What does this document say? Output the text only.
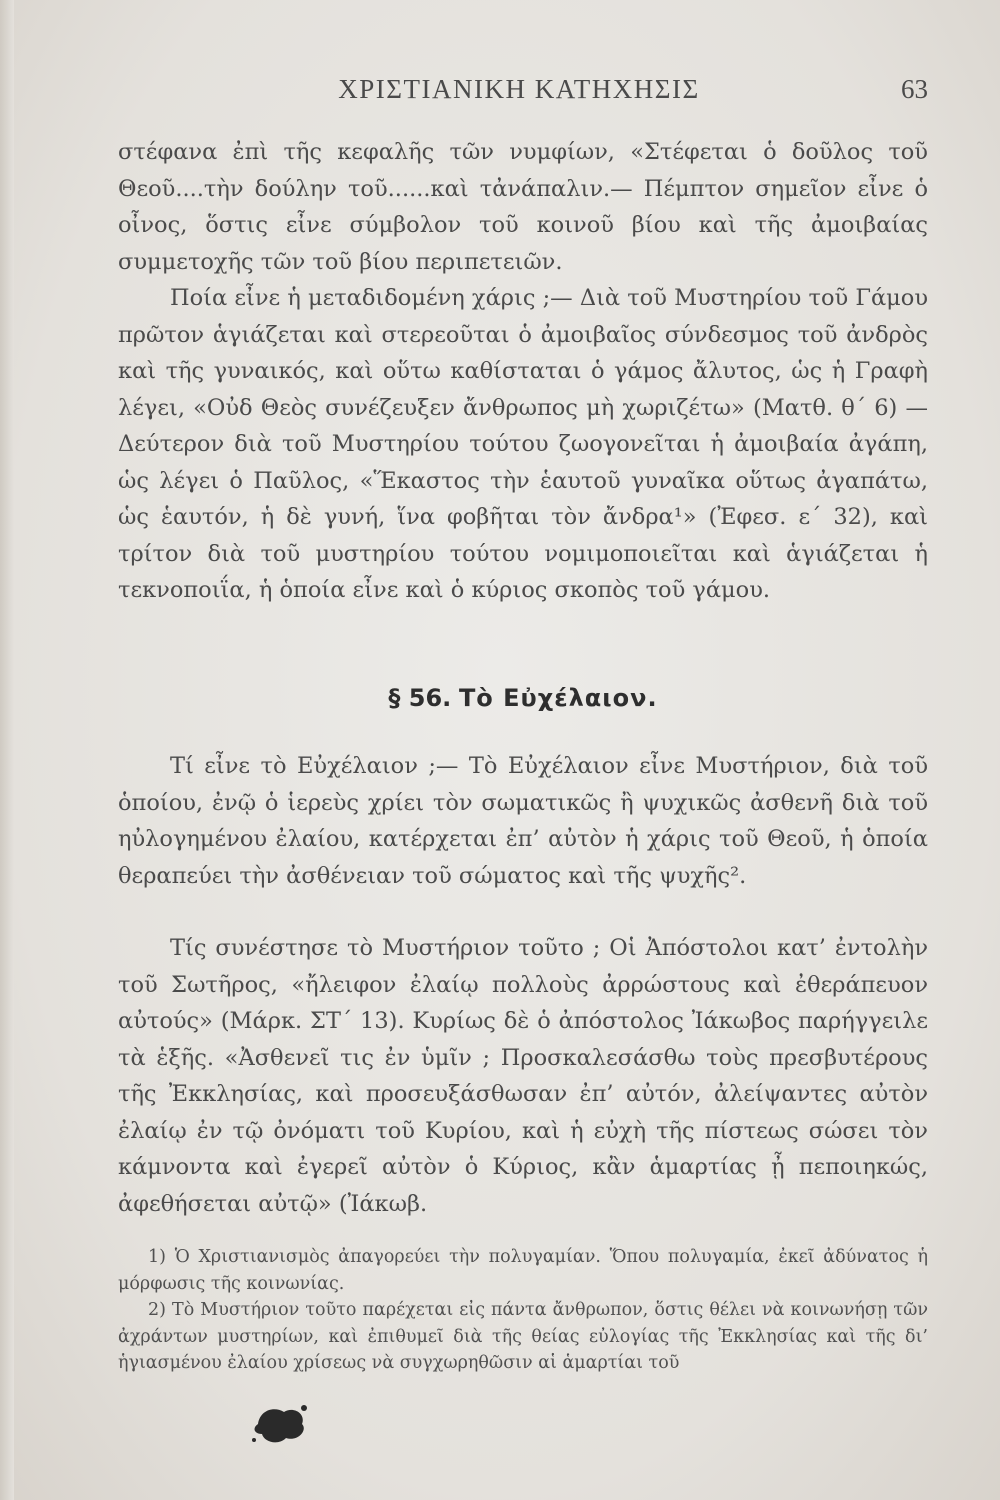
ΧΡΙΣΤΙΑΝΙΚΗ ΚΑΤΗΧΗΣΙΣ	63

στέφανα ἐπὶ τῆς κεφαλῆς τῶν νυμφίων, «Στέφεται ὁ δοῦλος τοῦ Θεοῦ....τὴν δούλην τοῦ......καὶ τἀνάπαλιν.— Πέμπτον σημεῖον εἶνε ὁ οἶνος, ὅστις εἶνε σύμβολον τοῦ κοινοῦ βίου καὶ τῆς ἀμοιβαίας συμμετοχῆς τῶν τοῦ βίου περιπετειῶν.

Ποία εἶνε ἡ μεταδιδομένη χάρις ;— Διὰ τοῦ Μυστηρίου τοῦ Γάμου πρῶτον ἁγιάζεται καὶ στερεοῦται ὁ ἀμοιβαῖος σύνδεσμος τοῦ ἀνδρὸς καὶ τῆς γυναικός, καὶ οὕτω καθίσταται ὁ γάμος ἄλυτος, ὡς ἡ Γραφὴ λέγει, «Οὐδ Θεὸς συνέζευξεν ἄνθρωπος μὴ χωριζέτω» (Ματθ. θ΄ 6) — Δεύτερον διὰ τοῦ Μυστηρίου τούτου ζωογονεῖται ἡ ἀμοιβαία ἀγάπη, ὡς λέγει ὁ Παῦλος, «Ἕκαστος τὴν ἑαυτοῦ γυναῖκα οὕτως ἀγαπάτω, ὡς ἑαυτόν, ἡ δὲ γυνή, ἵνα φοβῆται τὸν ἄνδρα¹» (Ἐφεσ. ε΄ 32), καὶ τρίτον διὰ τοῦ μυστηρίου τούτου νομιμοποιεῖται καὶ ἁγιάζεται ἡ τεκνοποιΐα, ἡ ὁποία εἶνε καὶ ὁ κύριος σκοπὸς τοῦ γάμου.

§ 56. Τὸ Εὐχέλαιον.

Τί εἶνε τὸ Εὐχέλαιον ;— Τὸ Εὐχέλαιον εἶνε Μυστήριον, διὰ τοῦ ὁποίου, ἐνῷ ὁ ἱερεὺς χρίει τὸν σωματικῶς ἢ ψυχικῶς ἀσθενῆ διὰ τοῦ ηὐλογημένου ἐλαίου, κατέρχεται ἐπ’ αὐτὸν ἡ χάρις τοῦ Θεοῦ, ἡ ὁποία θεραπεύει τὴν ἀσθένειαν τοῦ σώματος καὶ τῆς ψυχῆς².

Τίς συνέστησε τὸ Μυστήριον τοῦτο ; Οἱ Ἀπόστολοι κατ’ ἐντολὴν τοῦ Σωτῆρος, «ἤλειφον ἐλαίῳ πολλοὺς ἀρρώστους καὶ ἐθεράπευον αὐτούς» (Μάρκ. ΣΤ΄ 13). Κυρίως δὲ ὁ ἀπόστολος Ἰάκωβος παρήγγειλε τὰ ἑξῆς. «Ἀσθενεῖ τις ἐν ὑμῖν ; Προσκαλεσάσθω τοὺς πρεσβυτέρους τῆς Ἐκκλησίας, καὶ προσευξάσθωσαν ἐπ’ αὐτόν, ἀλείψαντες αὐτὸν ἐλαίῳ ἐν τῷ ὀνόματι τοῦ Κυρίου, καὶ ἡ εὐχὴ τῆς πίστεως σώσει τὸν κάμνοντα καὶ ἐγερεῖ αὐτὸν ὁ Κύριος, κἂν ἁμαρτίας ᾖ πεποιηκώς, ἀφεθήσεται αὐτῷ» (Ἰάκωβ.

1) Ὁ Χριστιανισμὸς ἀπαγορεύει τὴν πολυγαμίαν. Ὅπου πολυγαμία, ἐκεῖ ἀδύνατος ἡ μόρφωσις τῆς κοινωνίας.

2) Τὸ Μυστήριον τοῦτο παρέχεται εἰς πάντα ἄνθρωπον, ὅστις θέλει νὰ κοινωνήσῃ τῶν ἀχράντων μυστηρίων, καὶ ἐπιθυμεῖ διὰ τῆς θείας εὐλογίας τῆς Ἐκκλησίας καὶ τῆς δι’ ἡγιασμένου ἐλαίου χρίσεως νὰ συγχωρηθῶσιν αἱ ἁμαρτίαι τοῦ
